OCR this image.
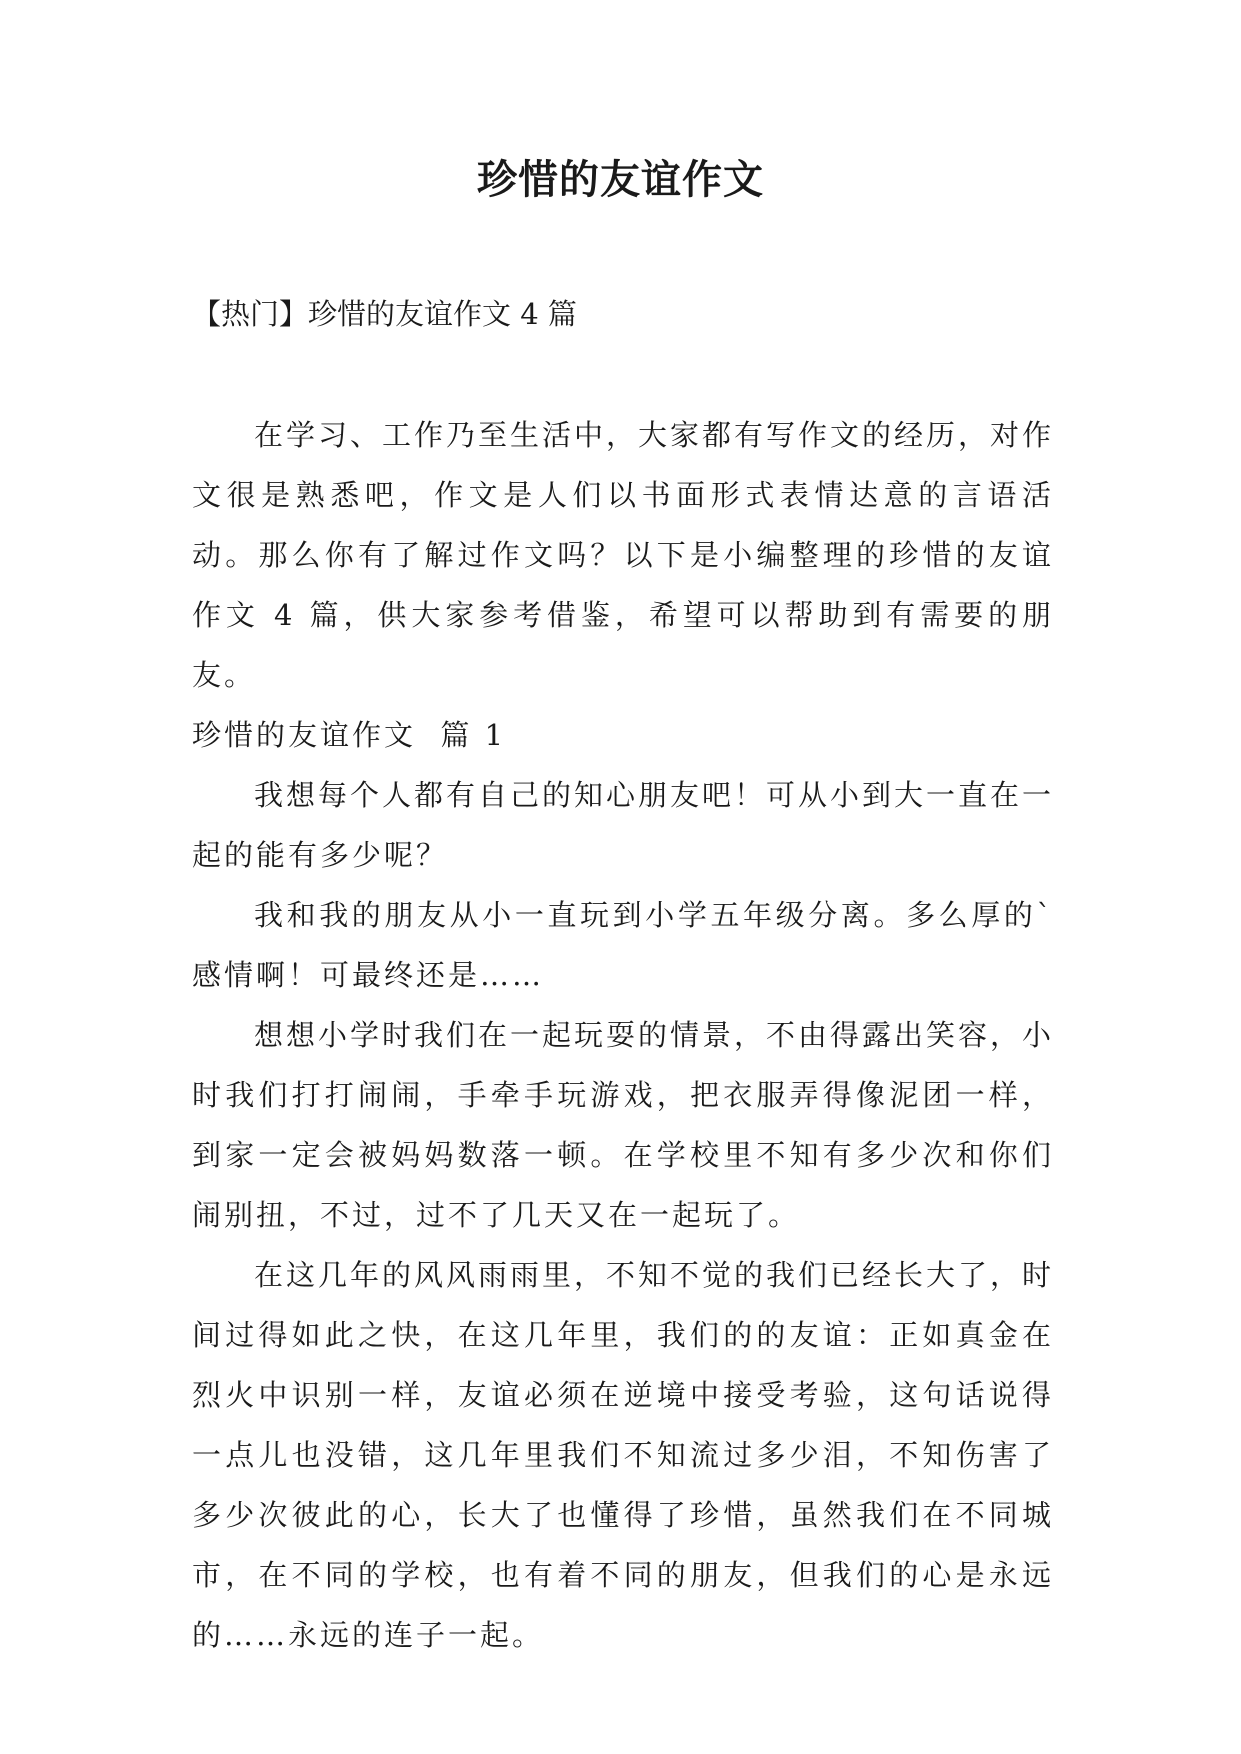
珍惜的友谊作文
【热门】珍惜的友谊作文 4 篇

在学习、工作乃至生活中，大家都有写作文的经历，对作文很是熟悉吧，作文是人们以书面形式表情达意的言语活动。那么你有了解过作文吗？以下是小编整理的珍惜的友谊作文 4 篇，供大家参考借鉴，希望可以帮助到有需要的朋友。

珍惜的友谊作文  篇 1

我想每个人都有自己的知心朋友吧！可从小到大一直在一起的能有多少呢？

我和我的朋友从小一直玩到小学五年级分离。多么厚的`感情啊！可最终还是……

想想小学时我们在一起玩耍的情景，不由得露出笑容，小时我们打打闹闹，手牵手玩游戏，把衣服弄得像泥团一样，到家一定会被妈妈数落一顿。在学校里不知有多少次和你们闹别扭，不过，过不了几天又在一起玩了。

在这几年的风风雨雨里，不知不觉的我们已经长大了，时间过得如此之快，在这几年里，我们的的友谊：正如真金在烈火中识别一样，友谊必须在逆境中接受考验，这句话说得一点儿也没错，这几年里我们不知流过多少泪，不知伤害了多少次彼此的心，长大了也懂得了珍惜，虽然我们在不同城市，在不同的学校，也有着不同的朋友，但我们的心是永远的……永远的连子一起。
